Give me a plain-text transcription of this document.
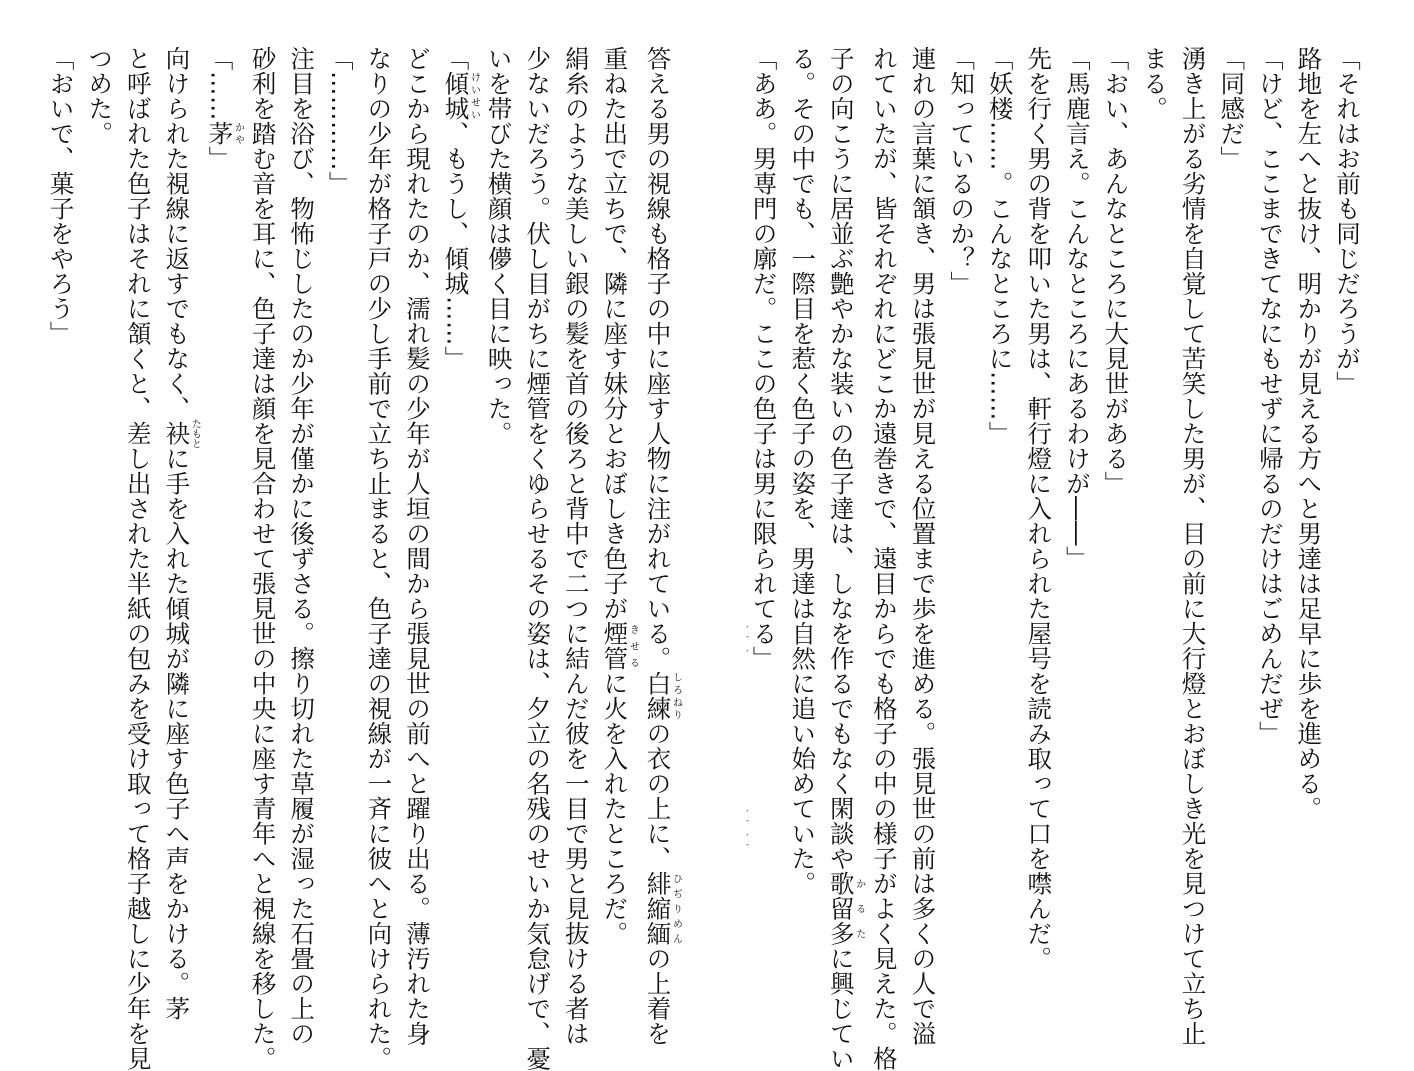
「それはお前も同じだろうが」
路地を左へと抜け、明かりが見える方へと男達は足早に歩を進める。
「けど、ここまできてなにもせずに帰るのだけはごめんだぜ」
「同感だ」
湧き上がる劣情を自覚して苦笑した男が、目の前に大行燈とおぼしき光を見つけて立ち止
まる。
「おい、あんなところに大見世がある」
「馬鹿言え。こんなところにあるわけが――」
先を行く男の背を叩いた男は、軒行燈に入れられた屋号を読み取って口を噤んだ。
「妖楼……。こんなところに……」
「知っているのか？」
連れの言葉に頷き、男は張見世が見える位置まで歩を進める。張見世の前は多くの人で溢
れていたが、皆それぞれにどこか遠巻きで、遠目からでも格子の中の様子がよく見えた。格
子の向こうに居並ぶ艶やかな装いの色子達は、しなを作るでもなく閑談や歌留多かるたに興じてい
る。その中でも、一際目を惹く色子の姿を、男達は自然に追い始めていた。
「ああ。男専門の廓だ。ここの色子は男に限られてる」
・・ ・
・・ ・・
答える男の視線も格子の中に座す人物に注がれている。白練しろねりの衣の上に、緋縮緬ひぢりめんの上着を
重ねた出で立ちで、隣に座す妹分とおぼしき色子が煙管きせるに火を入れたところだ。
絹糸のような美しい銀の髪を首の後ろと背中で二つに結んだ彼を一目で男と見抜ける者は
少ないだろう。伏し目がちに煙管をくゆらせるその姿は、夕立の名残のせいか気怠げで、憂
いを帯びた横顔は儚く目に映った。
「傾城けいせい、もうし、傾城……」
どこから現れたのか、濡れ髪の少年が人垣の間から張見世の前へと躍り出る。薄汚れた身
なりの少年が格子戸の少し手前で立ち止まると、色子達の視線が一斉に彼へと向けられた。
「…………」
注目を浴び、物怖じしたのか少年が僅かに後ずさる。擦り切れた草履が湿った石畳の上の
砂利を踏む音を耳に、色子達は顔を見合わせて張見世の中央に座す青年へと視線を移した。
「……茅かや」
向けられた視線に返すでもなく、袂たもとに手を入れた傾城が隣に座す色子へ声をかける。茅
と呼ばれた色子はそれに頷くと、差し出された半紙の包みを受け取って格子越しに少年を見
つめた。
「おいで、菓子をやろう」
